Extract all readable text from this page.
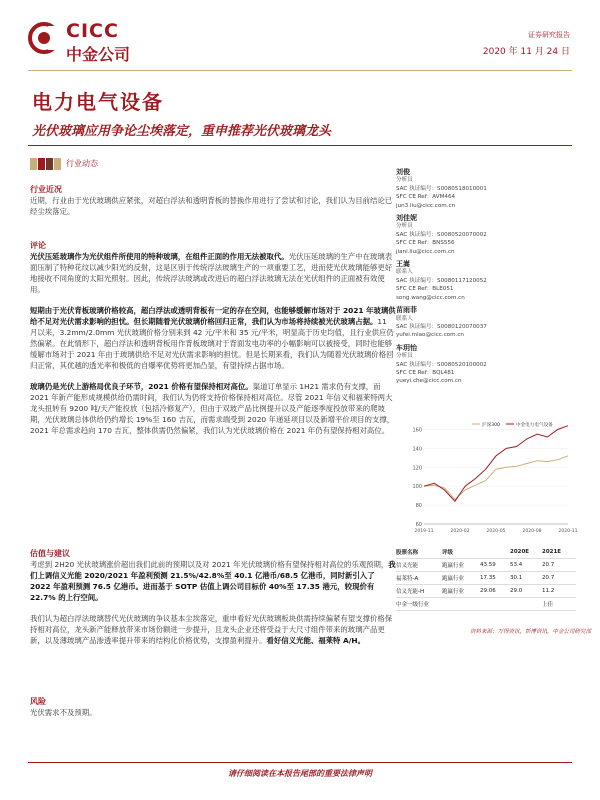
CICC
中金公司
证券研究报告
2020 年 11 月 24 日
电力电气设备
光伏玻璃应用争论尘埃落定，重申推荐光伏玻璃龙头
行业动态

行业近况

近期，行业由于光伏玻璃供应紧张，对超白浮法和透明背板的替换作用进行了尝试和讨论，我们认为目前结论已经尘埃落定。

评论

光伏压延玻璃作为光伏组件所使用的特种玻璃，在组件正面的作用无法被取代。光伏压延玻璃的生产中在玻璃表面压制了特种花纹以减少阳光的反射，这是区别于传统浮法玻璃生产的一项重要工艺，进而使光伏玻璃能够更好地接收不同角度的太阳光照射。因此，传统浮法玻璃或改进后的超白浮法玻璃无法在光伏组件的正面被有效使用。

短期由于光伏背板玻璃价格较高，超白浮法或透明背板有一定的存在空间，也能够缓解市场对于 2021 年玻璃供给不足对光伏需求影响的担忧。但长期随着光伏玻璃价格回归正常，我们认为市场将持续被光伏玻璃占据。11 月以来，3.2mm/2.0mm 光伏玻璃价格分别来到 42 元/平米和 35 元/平米，明显高于历史均值，且行业供应仍然偏紧。在此情形下，超白浮法和透明背板用作背板玻璃对于背面发电功率的小幅影响可以被接受，同时也能够缓解市场对于 2021 年由于玻璃供给不足对光伏需求影响的担忧。但是长期来看，我们认为随着光伏玻璃价格回归正常，其优越的透光率和极低的自爆率优势将更加凸显，有望持续占据市场。

玻璃仍是光伏上游格局优良子环节，2021 价格有望保持相对高位。渠道订单显示 1H21 需求仍有支撑，而 2021 年新产能形成规模供给仍需时间，我们认为仍将支持价格保持相对高位。尽管 2021 年信义和福莱特两大龙头扭转有 9200 吨/天产能投放（包括冷修复产），但由于双玻产品比例提升以及产能逐季度投放带来的爬坡期，光伏玻璃总体供给仍约增长 19%至 160 吉瓦，而需求端受到 2020 年递延项目以及新增平价项目的支撑，2021 年总需求趋向 170 吉瓦，整体供需仍然偏紧，我们认为光伏玻璃价格在 2021 年仍有望保持相对高位。

估值与建议

考虑到 2H20 光伏玻璃涨价超出我们此前的预期以及对 2021 年光伏玻璃价格有望保持相对高位的乐观预期，我们上调信义光能 2020/2021 年盈利预测 21.5%/42.8%至 40.1 亿港币/68.5 亿港币，同时新引入了 2022 年盈利预测 76.5 亿港币。进而基于 SOTP 估值上调公司目标价 40%至 17.35 港元，较现价有 22.7% 的上行空间。

我们认为超白浮法玻璃替代光伏玻璃的争议基本尘埃落定，重申看好光伏玻璃板块供需持续偏紧有望支撑价格保持相对高位，龙头新产能释放带来市场份额进一步提升，且龙头企业还将受益于大尺寸组件带来的玻璃产品更新，以及薄玻璃产品渗透率提升带来的结构化价格优势，支撑盈利提升。看好信义光能、福莱特 A/H。

风险

光伏需求不及预期。

刘俊
分析员
SAC 执证编号：S0080518010001
SFC CE Ref：AVM464
jun3.liu@cicc.com.cn
刘佳妮
分析员
SAC 执证编号：S0080520070002
SFC CE Ref：BNS556
jiani.liu@cicc.com.cn
王嵩
联系人
SAC 执证编号：S0080117120052
SFC CE Ref：BLE051
song.wang@cicc.com.cn
苗雨菲
联系人
SAC 执证编号：S0080120070037
yufei.miao@cicc.com.cn
车玥怡
分析员
SAC 执证编号：S0080520100002
SFC CE Ref：BQL481
yueyi.che@cicc.com.cn
60
80
100
120
140
160
2019-11	2020-02	2020-05	2020-08	2020-11
沪深300	中金电力电气设备
股票名称	评级	2020E	2021E
信义光能	跑赢行业	43.59	53.4	20.7
福莱特-A	跑赢行业	17.35	30.1	20.7
信义光能-H	跑赢行业	29.06	29.0	11.2
中金一级行业	上佳
资料来源：万得资讯，彭博资讯，中金公司研究部
请仔细阅读在本报告尾部的重要法律声明
